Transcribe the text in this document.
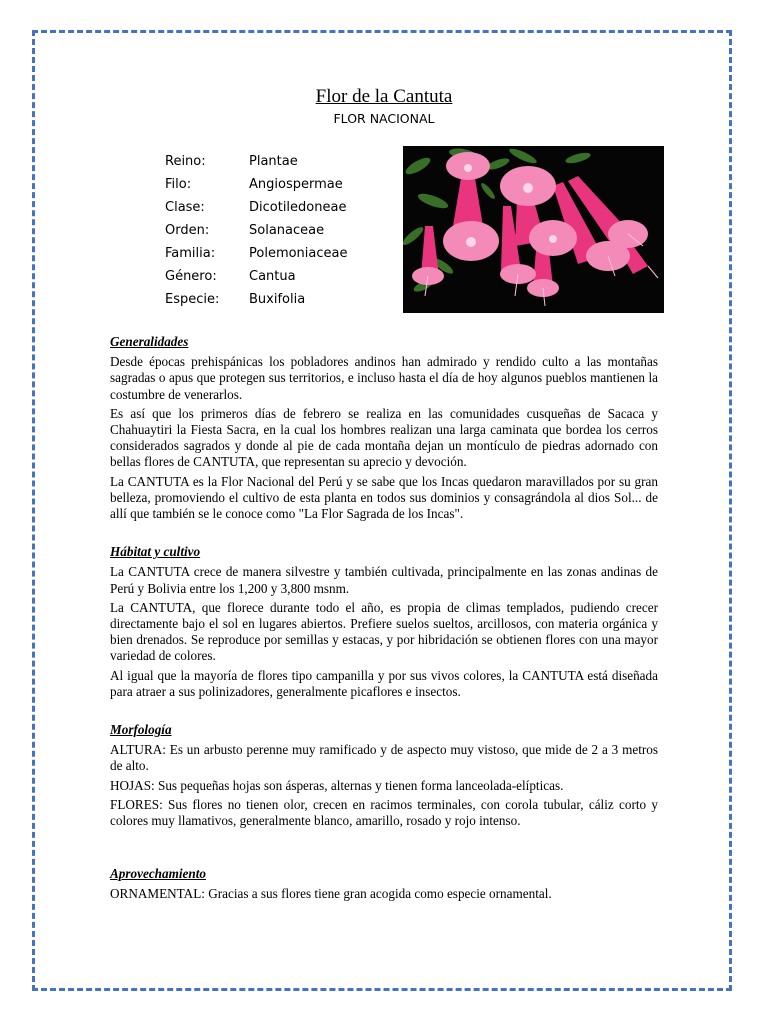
Flor de la Cantuta
FLOR NACIONAL
Reino:	Plantae
Filo:	Angiospermae
Clase:	Dicotiledoneae
Orden:	Solanaceae
Familia:	Polemoniaceae
Género:	Cantua
Especie:	Buxifolia

Generalidades

Desde épocas prehispánicas los pobladores andinos han admirado y rendido culto a las montañas sagradas o apus que protegen sus territorios, e incluso hasta el día de hoy algunos pueblos mantienen la costumbre de venerarlos.

Es así que los primeros días de febrero se realiza en las comunidades cusqueñas de Sacaca y Chahuaytiri la Fiesta Sacra, en la cual los hombres realizan una larga caminata que bordea los cerros considerados sagrados y donde al pie de cada montaña dejan un montículo de piedras adornado con bellas flores de CANTUTA, que representan su aprecio y devoción.

La CANTUTA es la Flor Nacional del Perú y se sabe que los Incas quedaron maravillados por su gran belleza, promoviendo el cultivo de esta planta en todos sus dominios y consagrándola al dios Sol... de allí que también se le conoce como "La Flor Sagrada de los Incas".

Hábitat y cultivo

La CANTUTA crece de manera silvestre y también cultivada, principalmente en las zonas andinas de Perú y Bolivia entre los 1,200 y 3,800 msnm.

La CANTUTA, que florece durante todo el año, es propia de climas templados, pudiendo crecer directamente bajo el sol en lugares abiertos. Prefiere suelos sueltos, arcillosos, con materia orgánica y bien drenados. Se reproduce por semillas y estacas, y por hibridación se obtienen flores con una mayor variedad de colores.

Al igual que la mayoría de flores tipo campanilla y por sus vivos colores, la CANTUTA está diseñada para atraer a sus polinizadores, generalmente picaflores e insectos.

Morfología

ALTURA: Es un arbusto perenne muy ramificado y de aspecto muy vistoso, que mide de 2 a 3 metros de alto.

HOJAS: Sus pequeñas hojas son ásperas, alternas y tienen forma lanceolada-elípticas.

FLORES: Sus flores no tienen olor, crecen en racimos terminales, con corola tubular, cáliz corto y colores muy llamativos, generalmente blanco, amarillo, rosado y rojo intenso.

Aprovechamiento

ORNAMENTAL: Gracias a sus flores tiene gran acogida como especie ornamental.
